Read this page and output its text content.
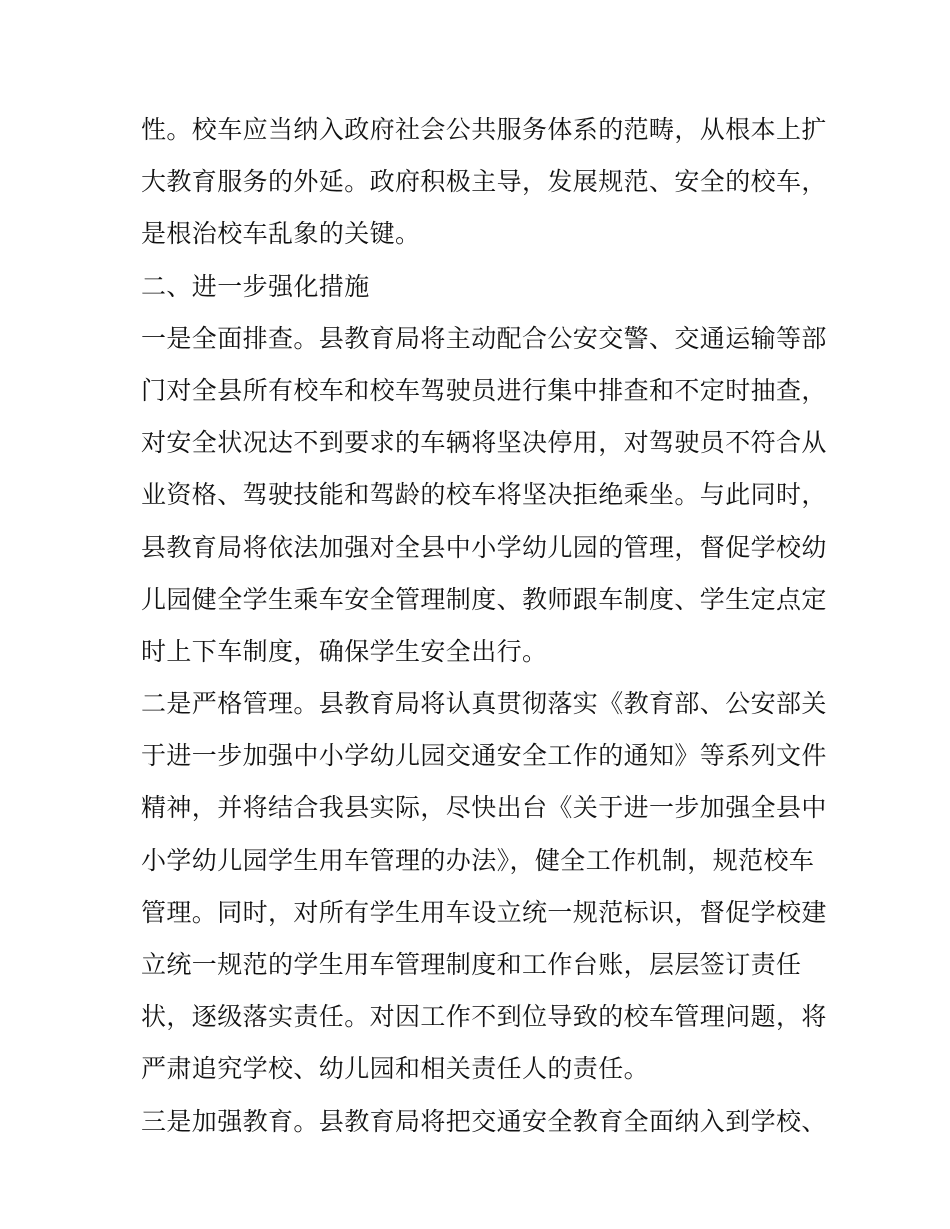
性。校车应当纳入政府社会公共服务体系的范畴，从根本上扩
大教育服务的外延。政府积极主导，发展规范、安全的校车，
是根治校车乱象的关键。
二、进一步强化措施
一是全面排查。县教育局将主动配合公安交警、交通运输等部
门对全县所有校车和校车驾驶员进行集中排查和不定时抽查，
对安全状况达不到要求的车辆将坚决停用，对驾驶员不符合从
业资格、驾驶技能和驾龄的校车将坚决拒绝乘坐。与此同时，
县教育局将依法加强对全县中小学幼儿园的管理，督促学校幼
儿园健全学生乘车安全管理制度、教师跟车制度、学生定点定
时上下车制度，确保学生安全出行。
二是严格管理。县教育局将认真贯彻落实《教育部、公安部关
于进一步加强中小学幼儿园交通安全工作的通知》等系列文件
精神，并将结合我县实际，尽快出台《关于进一步加强全县中
小学幼儿园学生用车管理的办法》，健全工作机制，规范校车
管理。同时，对所有学生用车设立统一规范标识，督促学校建
立统一规范的学生用车管理制度和工作台账，层层签订责任
状，逐级落实责任。对因工作不到位导致的校车管理问题，将
严肃追究学校、幼儿园和相关责任人的责任。
三是加强教育。县教育局将把交通安全教育全面纳入到学校、
